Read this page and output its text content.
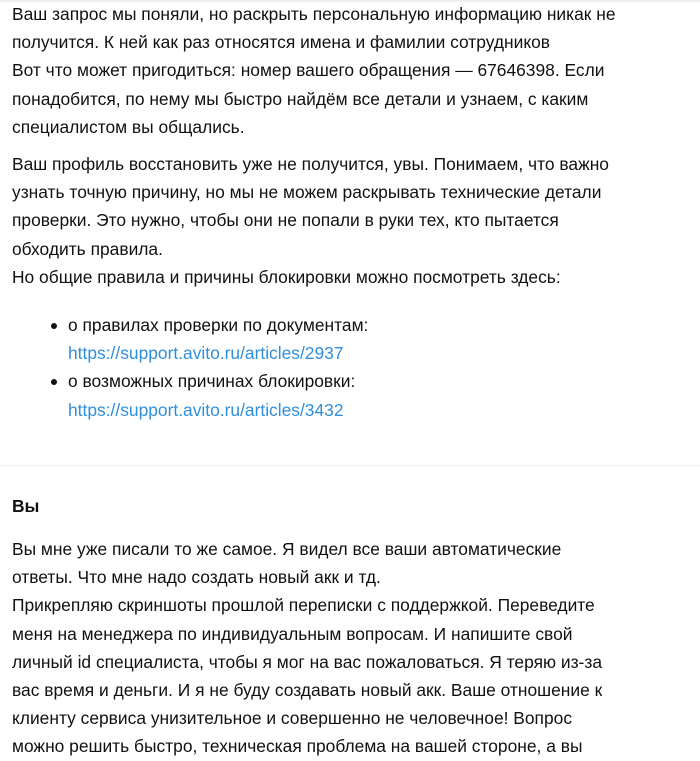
Ваш запрос мы поняли, но раскрыть персональную информацию никак не
получится. К ней как раз относятся имена и фамилии сотрудников
Вот что может пригодиться: номер вашего обращения — 67646398. Если
понадобится, по нему мы быстро найдём все детали и узнаем, с каким
специалистом вы общались.
Ваш профиль восстановить уже не получится, увы. Понимаем, что важно
узнать точную причину, но мы не можем раскрывать технические детали
проверки. Это нужно, чтобы они не попали в руки тех, кто пытается
обходить правила.
Но общие правила и причины блокировки можно посмотреть здесь:
о правилах проверки по документам:
https://support.avito.ru/articles/2937
о возможных причинах блокировки:
https://support.avito.ru/articles/3432
Вы
Вы мне уже писали то же самое. Я видел все ваши автоматические
ответы. Что мне надо создать новый акк и тд.
Прикрепляю скриншоты прошлой переписки с поддержкой. Переведите
меня на менеджера по индивидуальным вопросам. И напишите свой
личный id специалиста, чтобы я мог на вас пожаловаться. Я теряю из-за
вас время и деньги. И я не буду создавать новый акк. Ваше отношение к
клиенту сервиса унизительное и совершенно не человечное! Вопрос
можно решить быстро, техническая проблема на вашей стороне, а вы
